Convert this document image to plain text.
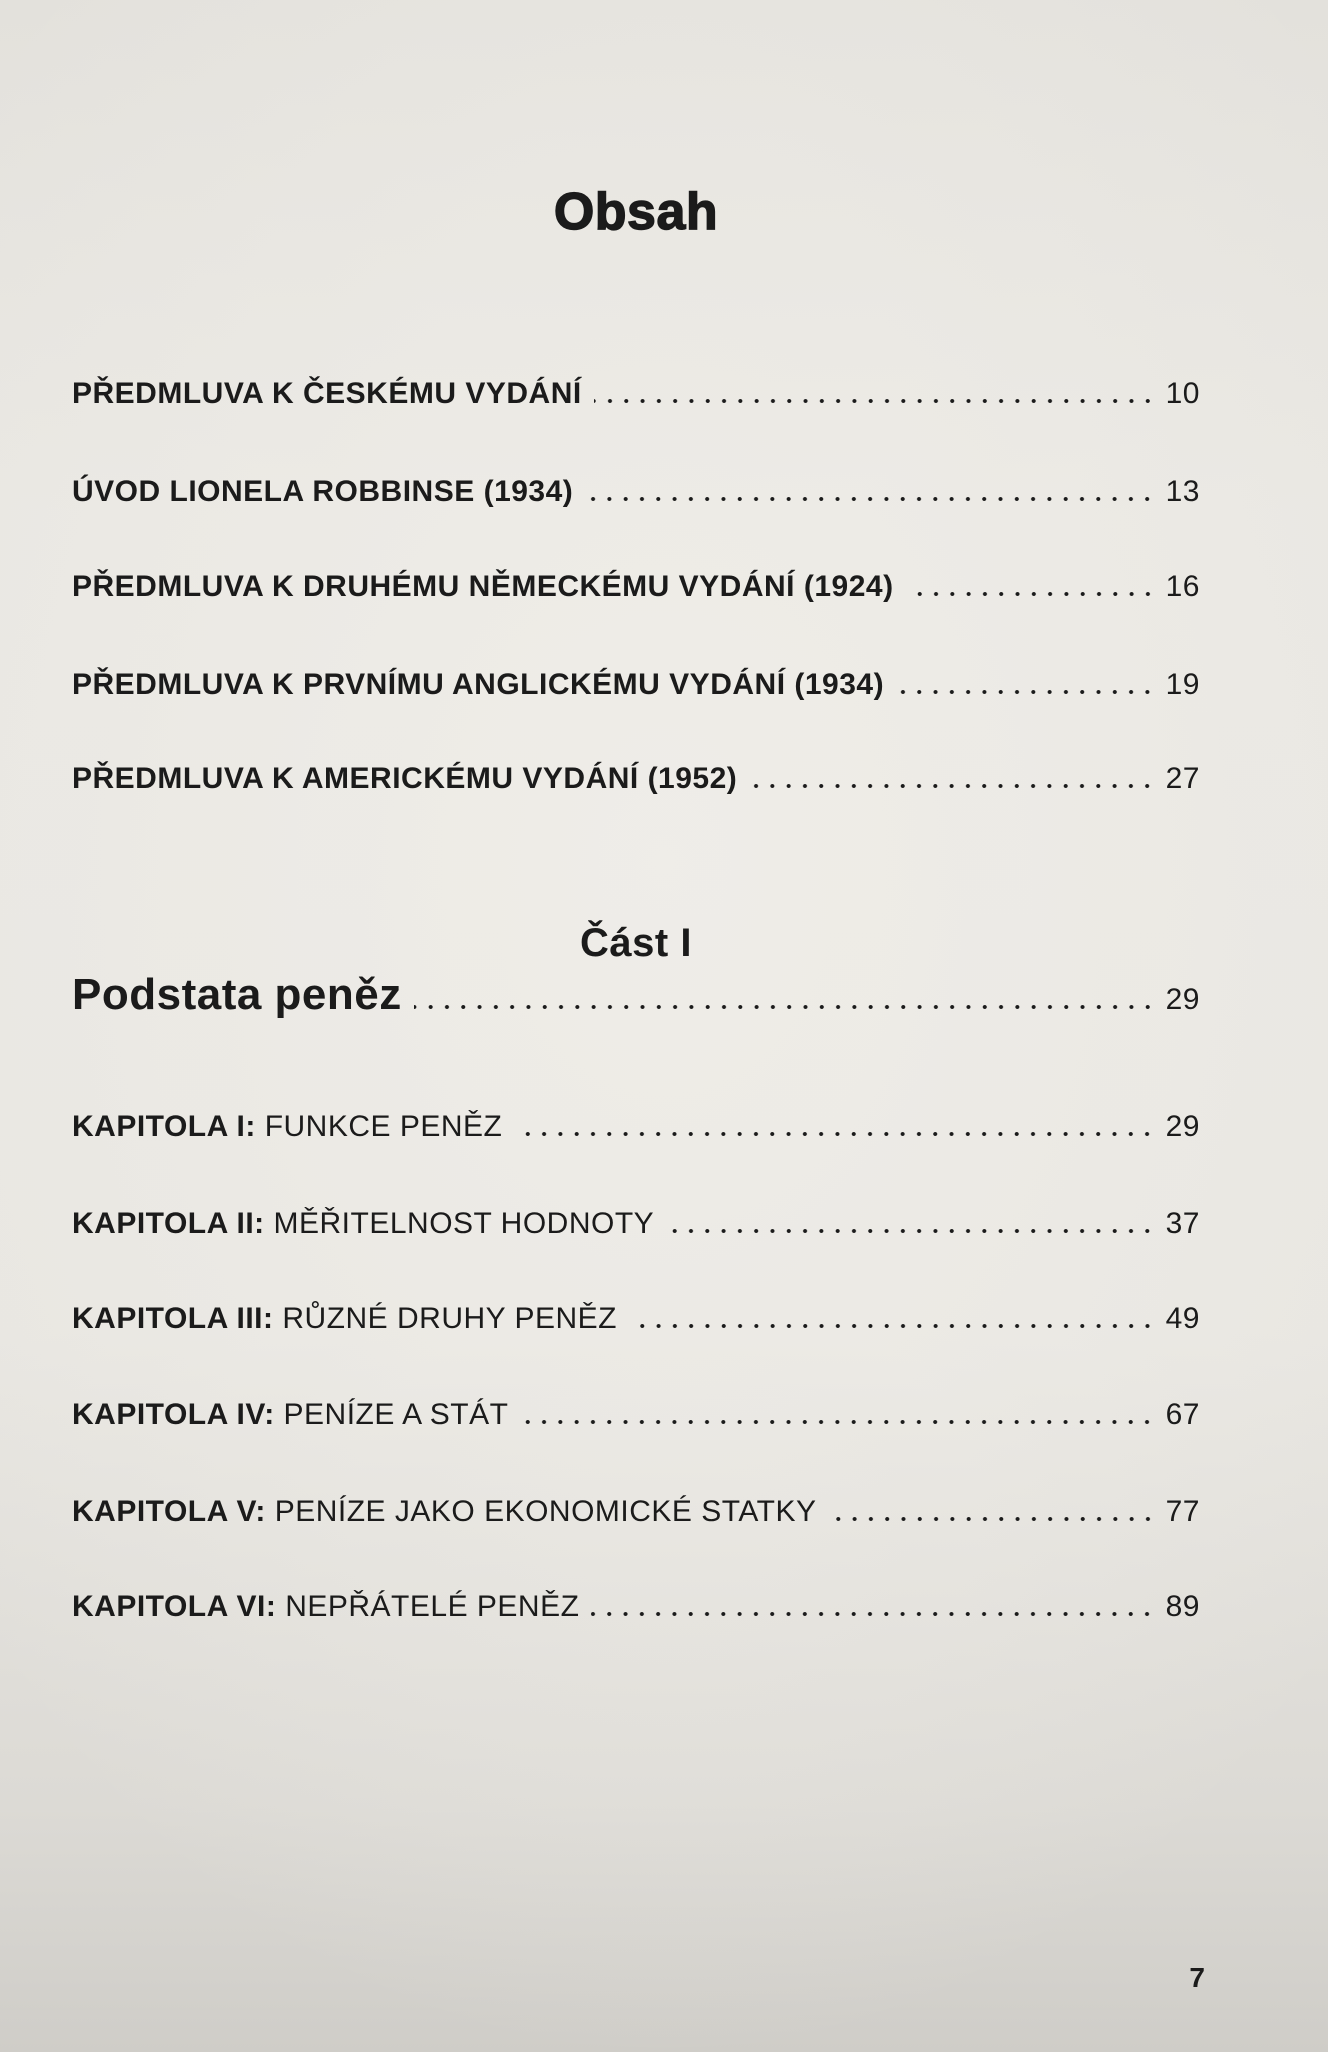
Obsah
PŘEDMLUVA K ČESKÉMU VYDÁNÍ	10
ÚVOD LIONELA ROBBINSE (1934)	13
PŘEDMLUVA K DRUHÉMU NĚMECKÉMU VYDÁNÍ (1924)	16
PŘEDMLUVA K PRVNÍMU ANGLICKÉMU VYDÁNÍ (1934)	19
PŘEDMLUVA K AMERICKÉMU VYDÁNÍ (1952)	27
Část I
Podstata peněz	29
KAPITOLA I: FUNKCE PENĚZ	29
KAPITOLA II: MĚŘITELNOST HODNOTY	37
KAPITOLA III: RŮZNÉ DRUHY PENĚZ	49
KAPITOLA IV: PENÍZE A STÁT	67
KAPITOLA V: PENÍZE JAKO EKONOMICKÉ STATKY	77
KAPITOLA VI: NEPŘÁTELÉ PENĚZ	89
7
